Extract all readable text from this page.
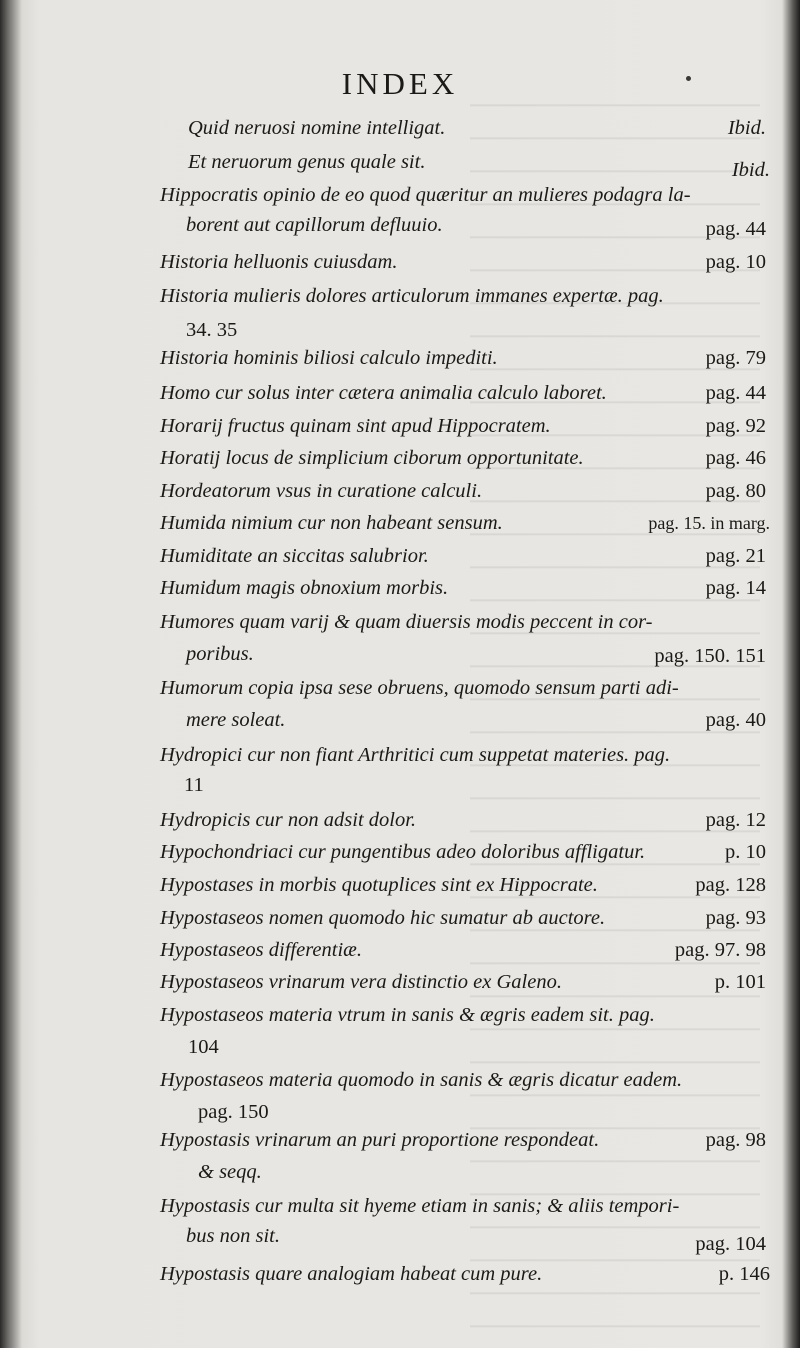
INDEX
Quid neruosi nomine intelligat.	Ibid.
Et neruorum genus quale sit.	Ibid.
Hippocratis opinio de eo quod quæritur an mulieres podagra la-
borent aut capillorum defluuio.	pag. 44
Historia helluonis cuiusdam.	pag. 10
Historia mulieris dolores articulorum immanes expertæ. pag.
34. 35
Historia hominis biliosi calculo impediti.	pag. 79
Homo cur solus inter cætera animalia calculo laboret.	pag. 44
Horarij fructus quinam sint apud Hippocratem.	pag. 92
Horatij locus de simplicium ciborum opportunitate.	pag. 46
Hordeatorum vsus in curatione calculi.	pag. 80
Humida nimium cur non habeant sensum.	pag. 15. in marg.
Humiditate an siccitas salubrior.	pag. 21
Humidum magis obnoxium morbis.	pag. 14
Humores quam varij & quam diuersis modis peccent in cor-
poribus.	pag. 150. 151
Humorum copia ipsa sese obruens, quomodo sensum parti adi-
mere soleat.	pag. 40
Hydropici cur non fiant Arthritici cum suppetat materies. pag.
11
Hydropicis cur non adsit dolor.	pag. 12
Hypochondriaci cur pungentibus adeo doloribus affligatur.	p. 10
Hypostases in morbis quotuplices sint ex Hippocrate.	pag. 128
Hypostaseos nomen quomodo hic sumatur ab auctore.	pag. 93
Hypostaseos differentiæ.	pag. 97. 98
Hypostaseos vrinarum vera distinctio ex Galeno.	p. 101
Hypostaseos materia vtrum in sanis & ægris eadem sit. pag.
104
Hypostaseos materia quomodo in sanis & ægris dicatur eadem.
pag. 150
Hypostasis vrinarum an puri proportione respondeat.	pag. 98
& seqq.
Hypostasis cur multa sit hyeme etiam in sanis; & aliis tempori-
bus non sit.	pag. 104
Hypostasis quare analogiam habeat cum pure.	p. 146
